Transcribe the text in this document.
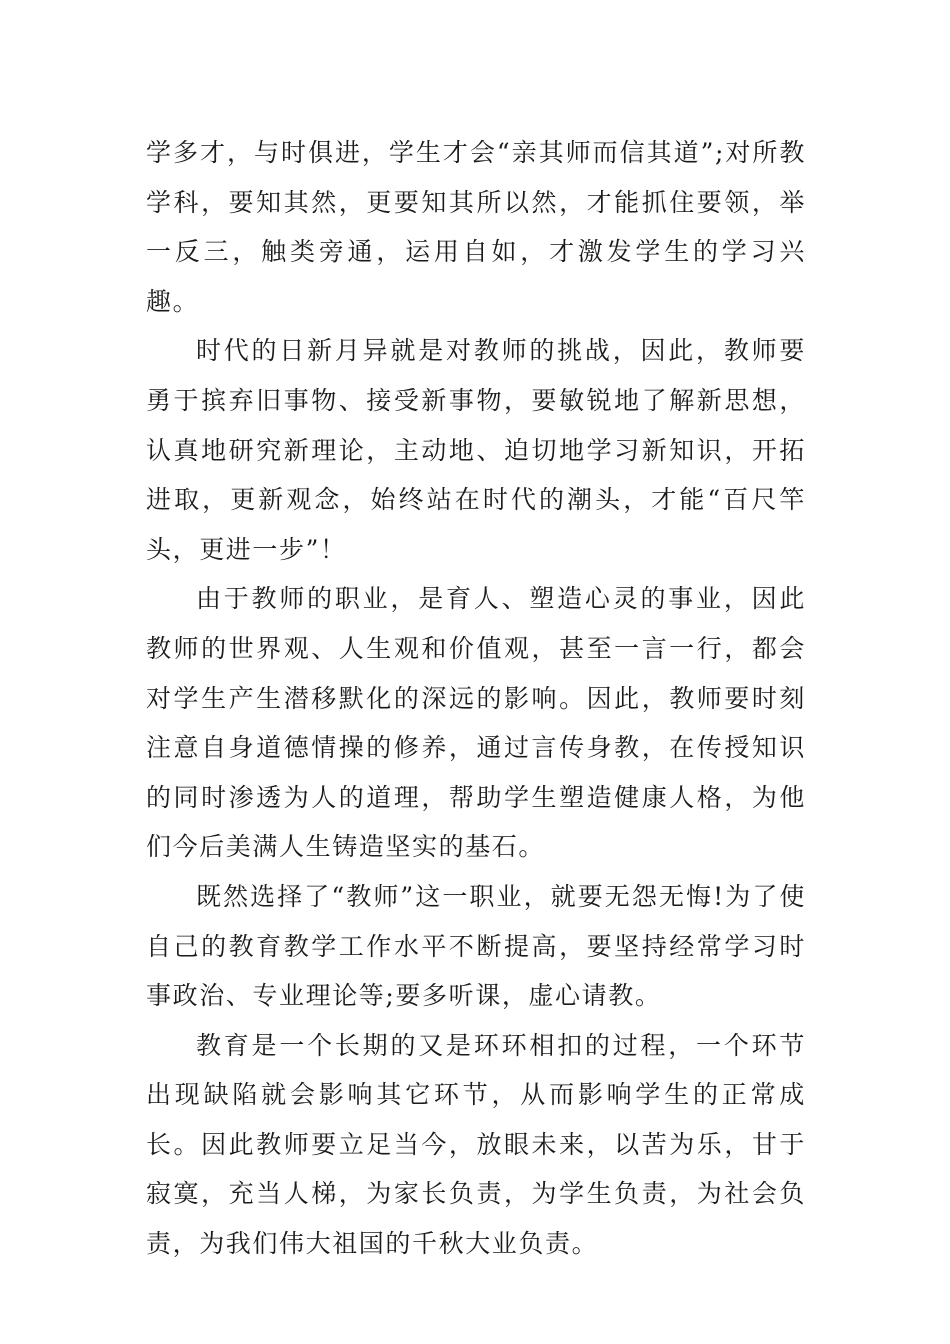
学多才，与时俱进，学生才会“亲其师而信其道”;对所教学科，要知其然，更要知其所以然，才能抓住要领，举一反三，触类旁通，运用自如，才激发学生的学习兴趣。

时代的日新月异就是对教师的挑战，因此，教师要勇于摈弃旧事物、接受新事物，要敏锐地了解新思想，认真地研究新理论，主动地、迫切地学习新知识，开拓进取，更新观念，始终站在时代的潮头，才能“百尺竿头，更进一步”！

由于教师的职业，是育人、塑造心灵的事业，因此教师的世界观、人生观和价值观，甚至一言一行，都会对学生产生潜移默化的深远的影响。因此，教师要时刻注意自身道德情操的修养，通过言传身教，在传授知识的同时渗透为人的道理，帮助学生塑造健康人格，为他们今后美满人生铸造坚实的基石。

既然选择了“教师”这一职业，就要无怨无悔!为了使自己的教育教学工作水平不断提高，要坚持经常学习时事政治、专业理论等;要多听课，虚心请教。

教育是一个长期的又是环环相扣的过程，一个环节出现缺陷就会影响其它环节，从而影响学生的正常成长。因此教师要立足当今，放眼未来，以苦为乐，甘于寂寞，充当人梯，为家长负责，为学生负责，为社会负责，为我们伟大祖国的千秋大业负责。
